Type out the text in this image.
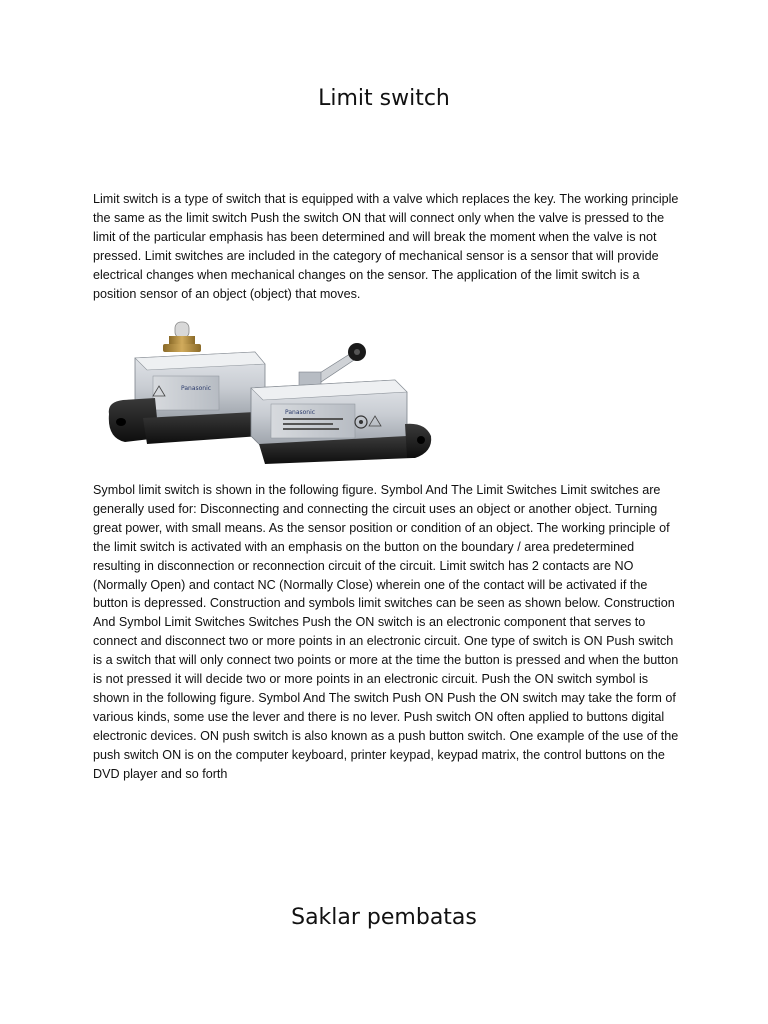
Limit switch

Limit switch is a type of switch that is equipped with a valve which replaces the key. The working principle the same as the limit switch Push the switch ON that will connect only when the valve is pressed to the limit of the particular emphasis has been determined and will break the moment when the valve is not pressed. Limit switches are included in the category of mechanical sensor is a sensor that will provide electrical changes when mechanical changes on the sensor. The application of the limit switch is a position sensor of an object (object) that moves.

Panasonic
Panasonic

Symbol limit switch is shown in the following figure. Symbol And The Limit Switches Limit switches are generally used for: Disconnecting and connecting the circuit uses an object or another object. Turning great power, with small means. As the sensor position or condition of an object. The working principle of the limit switch is activated with an emphasis on the button on the boundary / area predetermined resulting in disconnection or reconnection circuit of the circuit. Limit switch has 2 contacts are NO (Normally Open) and contact NC (Normally Close) wherein one of the contact will be activated if the button is depressed. Construction and symbols limit switches can be seen as shown below. Construction And Symbol Limit Switches Switches Push the ON switch is an electronic component that serves to connect and disconnect two or more points in an electronic circuit. One type of switch is ON Push switch is a switch that will only connect two points or more at the time the button is pressed and when the button is not pressed it will decide two or more points in an electronic circuit. Push the ON switch symbol is shown in the following figure. Symbol And The switch Push ON Push the ON switch may take the form of various kinds, some use the lever and there is no lever. Push switch ON often applied to buttons digital electronic devices. ON push switch is also known as a push button switch. One example of the use of the push switch ON is on the computer keyboard, printer keypad, keypad matrix, the control buttons on the DVD player and so forth

Saklar pembatas
